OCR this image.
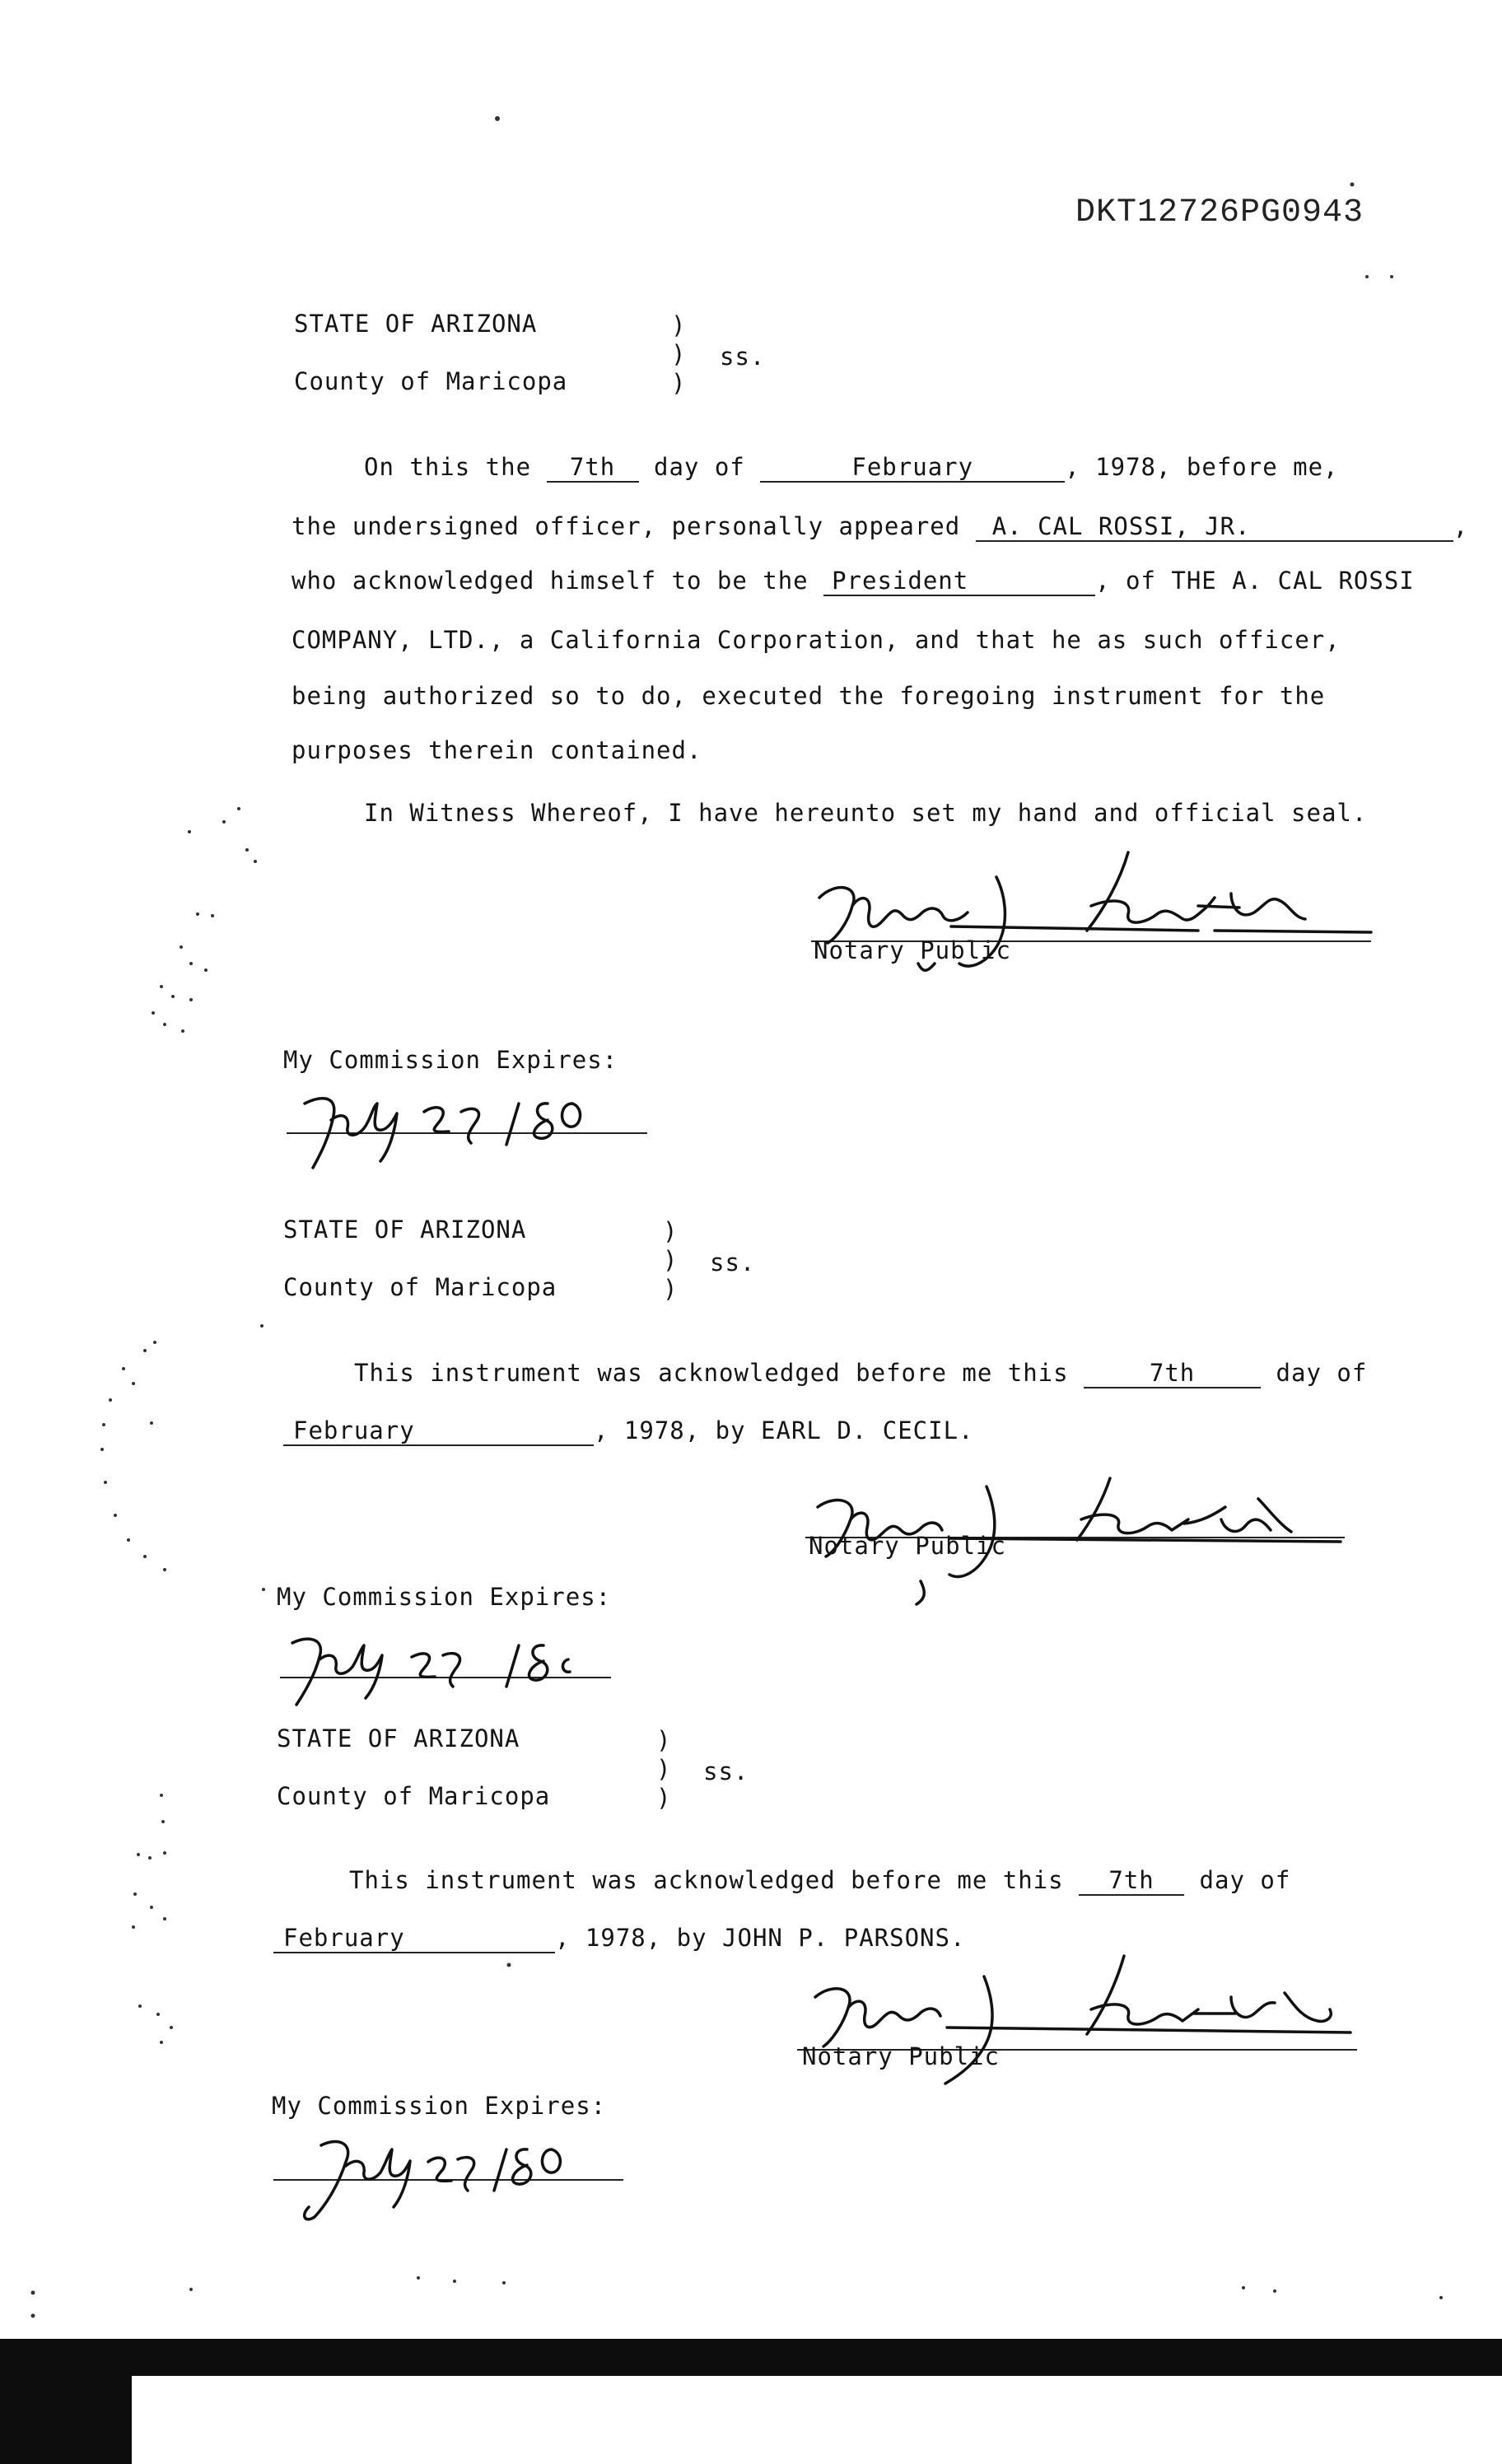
DKT12726PG0943
STATE OF ARIZONA
County of Maricopa
)
)
)
ss.
On this the 7th day of	February	, 1978, before me,
the undersigned officer, personally appeared A. CAL ROSSI, JR.	,
who acknowledged himself to be the President	, of THE A. CAL ROSSI
COMPANY, LTD., a California Corporation, and that he as such officer,
being authorized so to do, executed the foregoing instrument for the
purposes therein contained.
In Witness Whereof, I have hereunto set my hand and official seal.
Notary Public
My Commission Expires:
STATE OF ARIZONA
County of Maricopa
)
)
)
ss.
This instrument was acknowledged before me this	7th	day of
February	, 1978, by EARL D. CECIL.
Notary Public
My Commission Expires:
STATE OF ARIZONA
County of Maricopa
)
)
)
ss.
This instrument was acknowledged before me this 7th day of
February	, 1978, by JOHN P. PARSONS.
Notary Public
My Commission Expires:
